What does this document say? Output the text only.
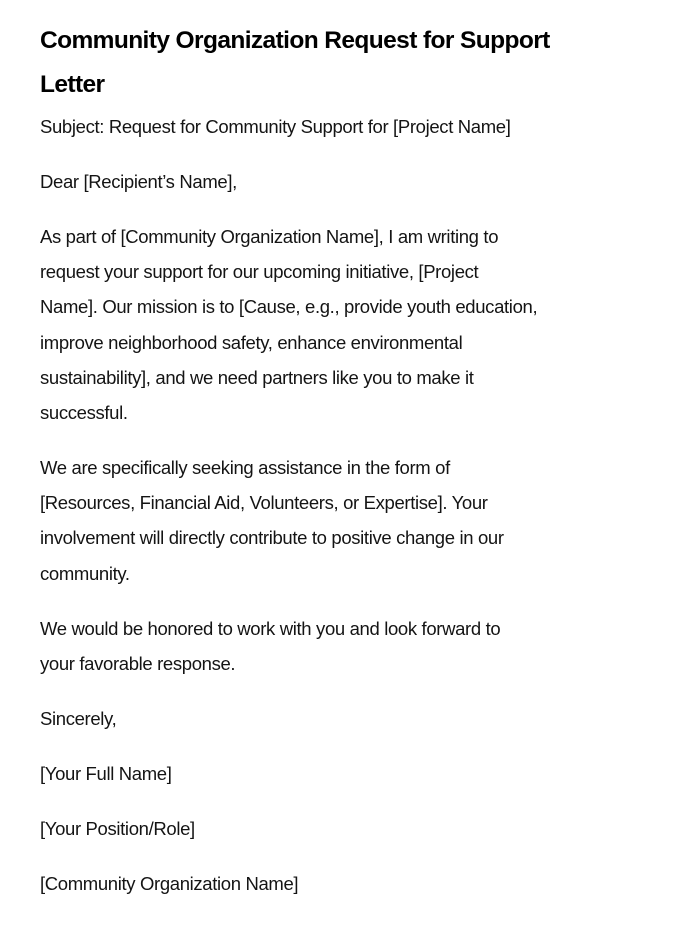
Community Organization Request for Support
Letter

Subject: Request for Community Support for [Project Name]

Dear [Recipient’s Name],

As part of [Community Organization Name], I am writing to
request your support for our upcoming initiative, [Project
Name]. Our mission is to [Cause, e.g., provide youth education,
improve neighborhood safety, enhance environmental
sustainability], and we need partners like you to make it
successful.

We are specifically seeking assistance in the form of
[Resources, Financial Aid, Volunteers, or Expertise]. Your
involvement will directly contribute to positive change in our
community.

We would be honored to work with you and look forward to
your favorable response.

Sincerely,

[Your Full Name]

[Your Position/Role]

[Community Organization Name]
